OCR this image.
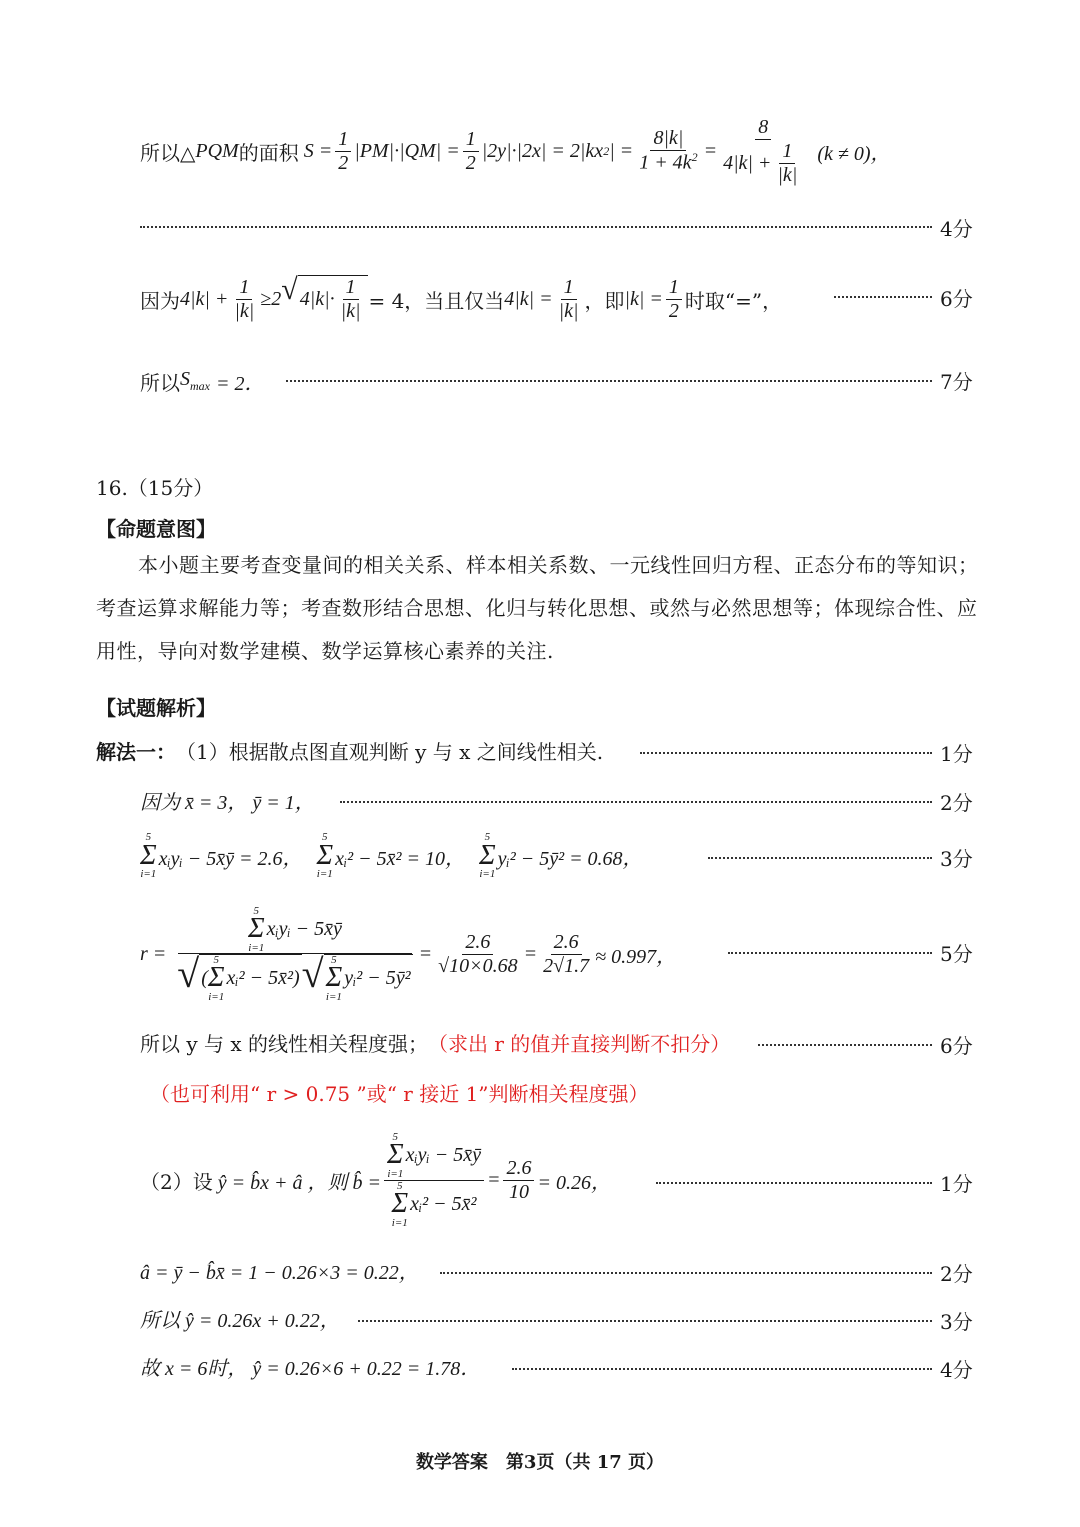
所以△ PQM 的面积 $S = \frac{1}{2} |PM|\cdot|QM| = \frac{1}{2} |2y|\cdot|2x| = 2|kx$ 2 | = $\frac{8|k|}{1 + 4k^2} = \frac{8}{4|k| + \frac{1}{|k|}} (k \ne 0)$，
4分
因为 $4|k| + \frac{1}{|k|} \ge 2$ √ $4|k|\cdot \frac{1}{|k|} = 4$，当且仅当 $4|k| = \frac{1}{|k|}$ ，即 $|k| = \frac{1}{2}$ 时取“=”，	6分
所以 $S_{max} = 2$．	7分
16.（15分）
【命题意图】
本小题主要考查变量间的相关关系、样本相关系数、一元线性回归方程、正态分布的等知识；考查运算求解能力等；考查数形结合思想、化归与转化思想、或然与必然思想等；体现综合性、应用性，导向对数学建模、数学运算核心素养的关注.
【试题解析】
解法一： （1）根据散点图直观判断 y 与 x 之间线性相关.	1分
因为 x̄ = 3， ȳ = 1，	2分
5
Σ
i=1
xᵢyᵢ − 5x̄ȳ = 2.6，
5
Σ
i=1
xᵢ² − 5x̄² = 10，
5
Σ
i=1
yᵢ² − 5ȳ² = 0.68，	3分
r = 5
Σ
i=1
xᵢyᵢ − 5x̄ȳ
√ (
5
Σ
i=1
xᵢ² − 5x̄²) √ 5
Σ
i=1
yᵢ² − 5ȳ² = $\frac{2.6}{√10\times 0.68} = \frac{2.6}{2√1.7} \approx 0.997$，	5分
所以 y 与 x 的线性相关程度强； （求出 r 的值并直接判断不扣分）	6分
（也可利用“ r > 0.75 ”或“ r 接近 1”判断相关程度强）
（2）设 ŷ = b̂x + â ，则 b̂ = 5
Σ
i=1
xᵢyᵢ − 5x̄ȳ
5
Σ
i=1
xᵢ² − 5x̄² = $\frac{2.6}{10} = 0.26$，	1分
â = ȳ − b̂x̄ = 1 − 0.26×3 = 0.22，	2分
所以 ŷ = 0.26x + 0.22，	3分
故 x = 6时， ŷ = 0.26×6 + 0.22 = 1.78．	4分
数学答案　第3页（共 17 页）
